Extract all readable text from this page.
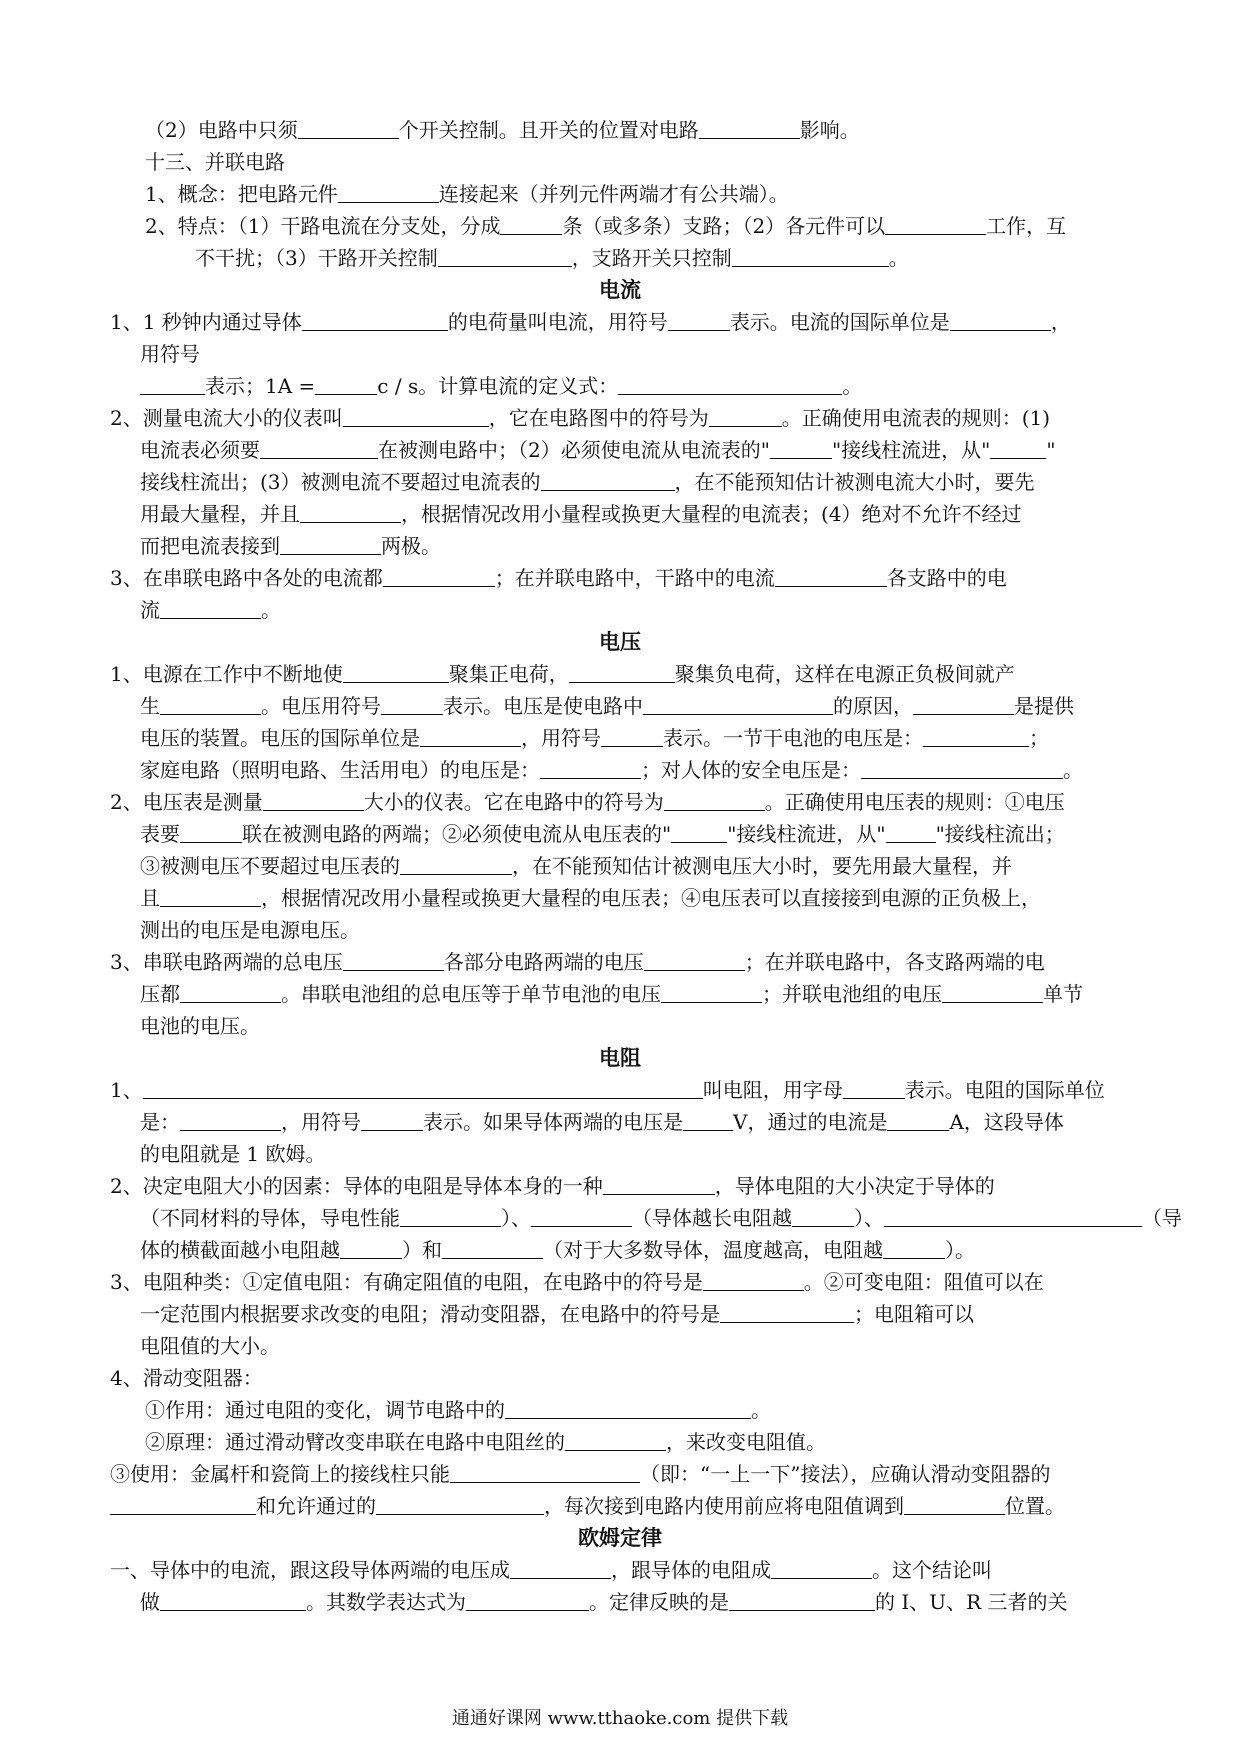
（2）电路中只须	个开关控制。且开关的位置对电路	影响。
十三、并联电路
1、概念：把电路元件	连接起来（并列元件两端才有公共端）。
2、特点：（1）干路电流在分支处，分成	条（或多条）支路；（2）各元件可以	工作，互
不干扰；（3）干路开关控制	，支路开关只控制	。
电流
1、1 秒钟内通过导体	的电荷量叫电流，用符号	表示。电流的国际单位是	，
用符号
表示；1A =	c / s。计算电流的定义式：	。
2、测量电流大小的仪表叫	，它在电路图中的符号为	。正确使用电流表的规则：(1)
电流表必须要	在被测电路中；（2）必须使电流从电流表的"	"接线柱流进，从"	"
接线柱流出；(3）被测电流不要超过电流表的	，在不能预知估计被测电流大小时，要先
用最大量程，并且	，根据情况改用小量程或换更大量程的电流表；(4）绝对不允许不经过
而把电流表接到	两极。
3、在串联电路中各处的电流都	；在并联电路中，干路中的电流	各支路中的电
流	。
电压
1、电源在工作中不断地使	聚集正电荷，	聚集负电荷，这样在电源正负极间就产
生	。电压用符号	表示。电压是使电路中	的原因，	是提供
电压的装置。电压的国际单位是	，用符号	表示。一节干电池的电压是：	；
家庭电路（照明电路、生活用电）的电压是：	；对人体的安全电压是：	。
2、电压表是测量	大小的仪表。它在电路中的符号为	。正确使用电压表的规则：①电压
表要	联在被测电路的两端；②必须使电流从电压表的"	"接线柱流进，从"	"接线柱流出；
③被测电压不要超过电压表的	，在不能预知估计被测电压大小时，要先用最大量程，并
且	，根据情况改用小量程或换更大量程的电压表；④电压表可以直接接到电源的正负极上，
测出的电压是电源电压。
3、串联电路两端的总电压	各部分电路两端的电压	；在并联电路中，各支路两端的电
压都	。串联电池组的总电压等于单节电池的电压	；并联电池组的电压	单节
电池的电压。
电阻
1、	叫电阻，用字母	表示。电阻的国际单位
是：	，用符号	表示。如果导体两端的电压是	V，通过的电流是	A，这段导体
的电阻就是 1 欧姆。
2、决定电阻大小的因素：导体的电阻是导体本身的一种	，导体电阻的大小决定于导体的
（不同材料的导体，导电性能	）、	（导体越长电阻越	）、	（导
体的横截面越小电阻越	）和	（对于大多数导体，温度越高，电阻越	）。
3、电阻种类：①定值电阻：有确定阻值的电阻，在电路中的符号是	。②可变电阻：阻值可以在
一定范围内根据要求改变的电阻；滑动变阻器，在电路中的符号是	；电阻箱可以
电阻值的大小。
4、滑动变阻器：
①作用：通过电阻的变化，调节电路中的	。
②原理：通过滑动臂改变串联在电路中电阻丝的	，来改变电阻值。
③使用：金属杆和瓷筒上的接线柱只能	（即：“一上一下”接法），应确认滑动变阻器的
和允许通过的	，每次接到电路内使用前应将电阻值调到	位置。
欧姆定律
一、导体中的电流，跟这段导体两端的电压成	，跟导体的电阻成	。这个结论叫
做	。其数学表达式为	。定律反映的是	的 I、U、R 三者的关
通通好课网 www.tthaoke.com 提供下载
